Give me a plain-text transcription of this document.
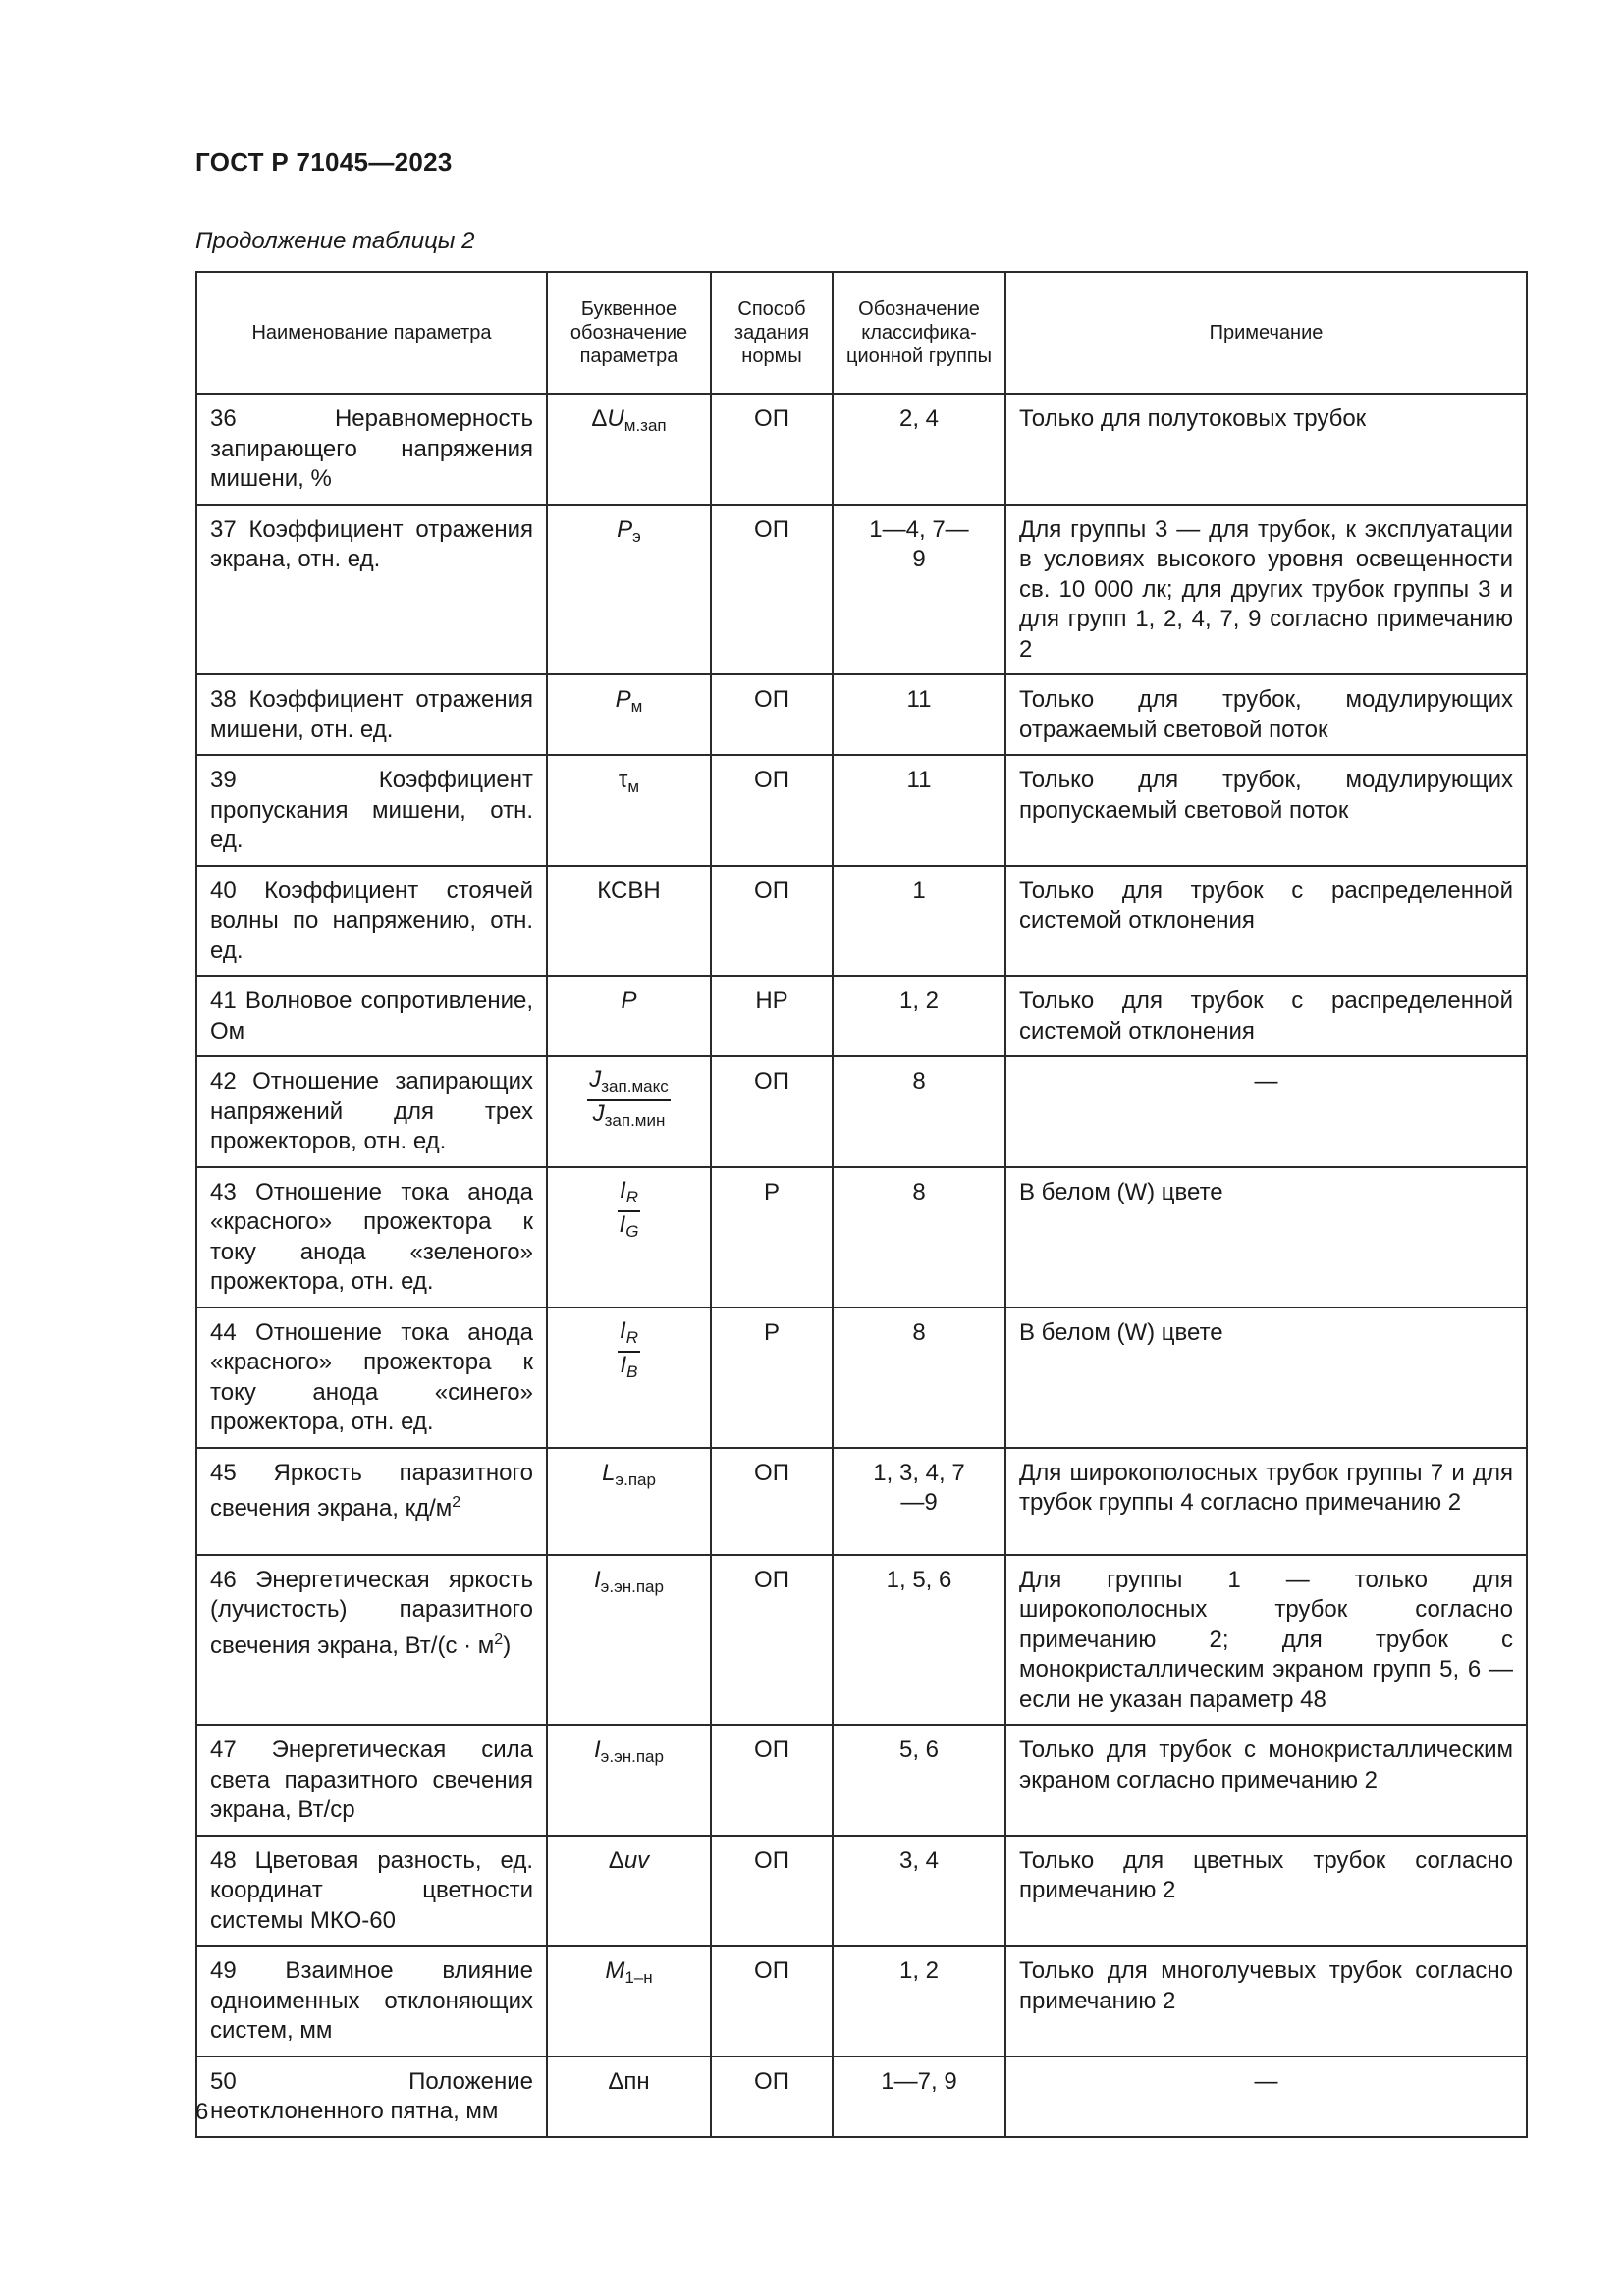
ГОСТ Р 71045—2023
Продолжение таблицы 2
Наименование параметра	Буквенное обозначение параметра	Способ задания нормы	Обозначение классифика-ционной группы	Примечание
36 Неравномерность запирающего напряжения мишени, %	$\Delta U_{м.зап}$	ОП	2, 4	Только для полутоковых трубок
37 Коэффициент отражения экрана, отн. ед.	$P_э$	ОП	1—4, 7—9	Для группы 3 — для трубок, к эксплуатации в условиях высокого уровня освещенности св. 10 000 лк; для других трубок группы 3 и для групп 1, 2, 4, 7, 9 согласно примечанию 2
38 Коэффициент отражения мишени, отн. ед.	$P_м$	ОП	11	Только для трубок, модулирующих отражаемый световой поток
39 Коэффициент пропускания мишени, отн. ед.	$\tau_м$	ОП	11	Только для трубок, модулирующих пропускаемый световой поток
40 Коэффициент стоячей волны по напряжению, отн. ед.	КСВН	ОП	1	Только для трубок с распределенной системой отклонения
41 Волновое сопротивление, Ом	P	НР	1, 2	Только для трубок с распределенной системой отклонения
42 Отношение запирающих напряжений для трех прожекторов, отн. ед.	$\frac{J_{зап.макс}}{J_{зап.мин}}$	ОП	8	—
43 Отношение тока анода «красного» прожектора к току анода «зеленого» прожектора, отн. ед.	$\frac{I_R}{I_G}$	Р	8	В белом (W) цвете
44 Отношение тока анода «красного» прожектора к току анода «синего» прожектора, отн. ед.	$\frac{I_R}{I_B}$	Р	8	В белом (W) цвете
45 Яркость паразитного свечения экрана, $кд/м^2$	$L_{э.пар}$	ОП	1, 3, 4, 7—9	Для широкополосных трубок группы 7 и для трубок группы 4 согласно примечанию 2
46 Энергетическая яркость (лучистость) паразитного свечения экрана, $Вт/(с \cdot м^2)$	$I_{э.эн.пар}$	ОП	1, 5, 6	Для группы 1 — только для широкополосных трубок согласно примечанию 2; для трубок с монокристаллическим экраном групп 5, 6 — если не указан параметр 48
47 Энергетическая сила света паразитного свечения экрана, Вт/ср	$I_{э.эн.пар}$	ОП	5, 6	Только для трубок с монокристаллическим экраном согласно примечанию 2
48 Цветовая разность, ед. координат цветности системы МКО-60	Δuv	ОП	3, 4	Только для цветных трубок согласно примечанию 2
49 Взаимное влияние одноименных отклоняющих систем, мм	$M_{1-н}$	ОП	1, 2	Только для многолучевых трубок согласно примечанию 2
50 Положение неотклоненного пятна, мм	Δпн	ОП	1—7, 9	—
6
